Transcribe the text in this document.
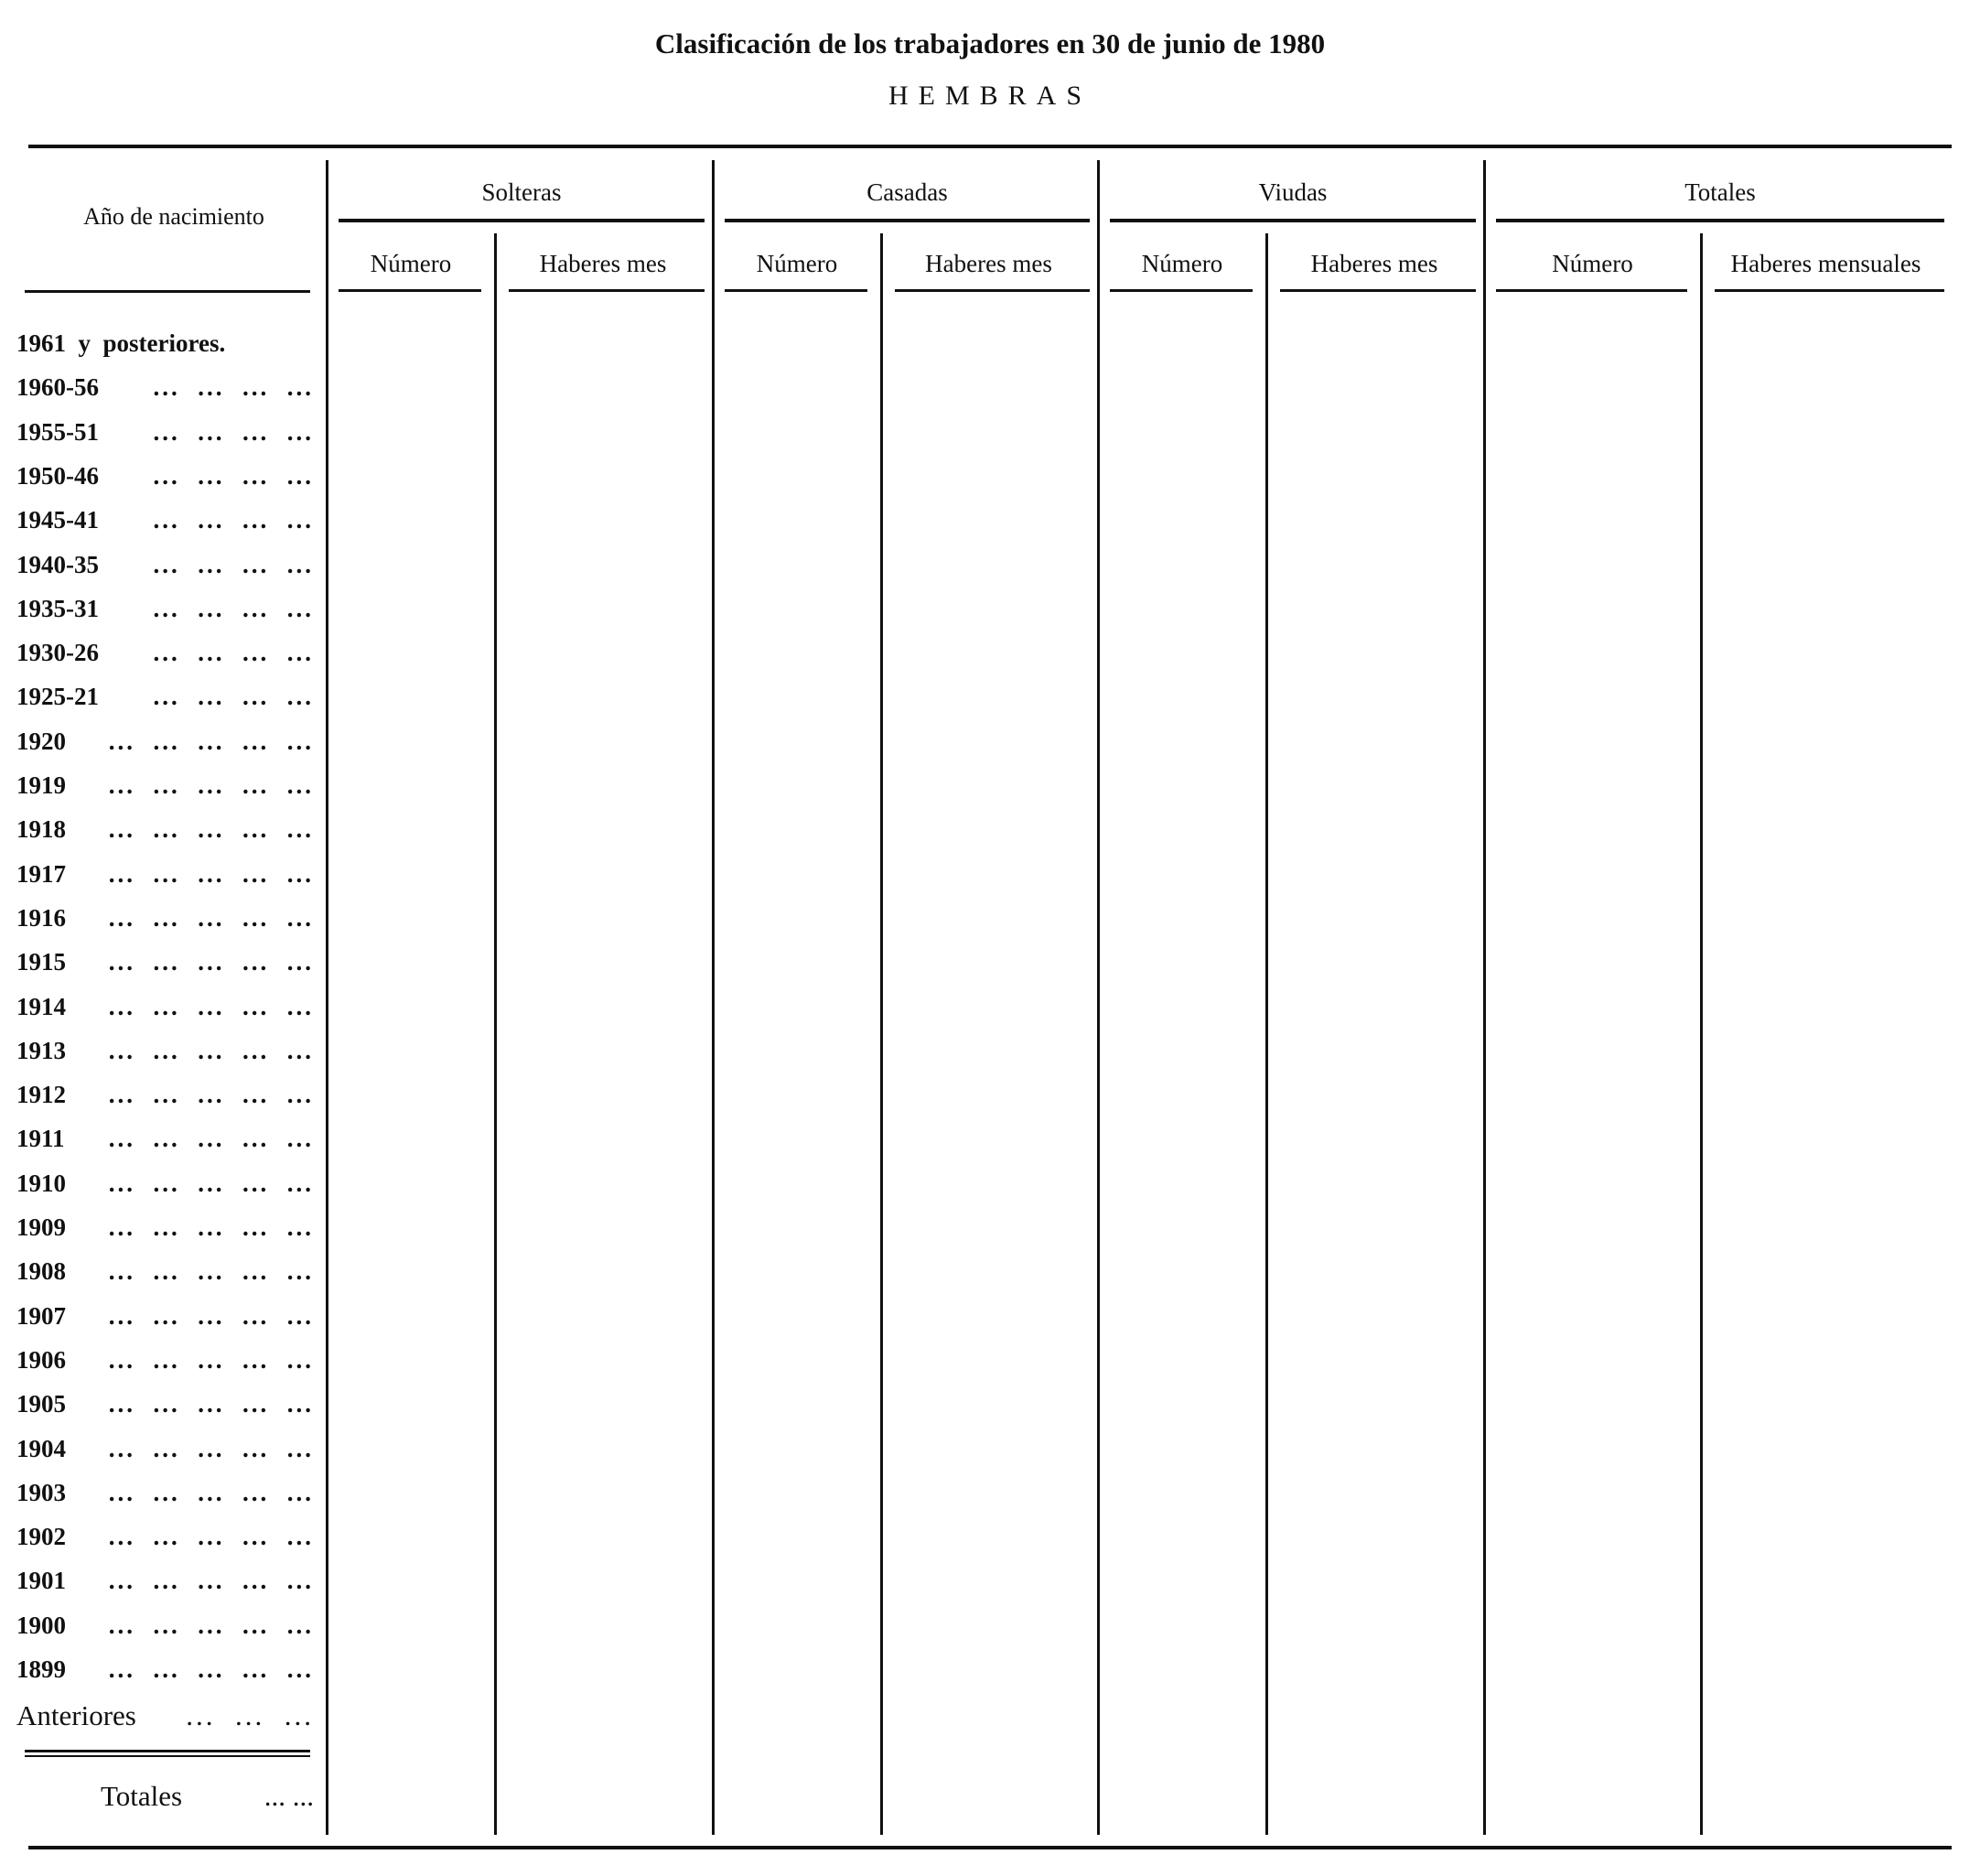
Clasificación de los trabajadores en 30 de junio de 1980
HEMBRAS
Año de nacimiento
Solteras
Número	Haberes mes
Casadas
Número	Haberes mes
Viudas
Número	Haberes mes
Totales
Número	Haberes mensuales
1961  y  posteriores.
1960-56 ...  ...  ...  ...
1955-51 ...  ...  ...  ...
1950-46 ...  ...  ...  ...
1945-41 ...  ...  ...  ...
1940-35 ...  ...  ...  ...
1935-31 ...  ...  ...  ...
1930-26 ...  ...  ...  ...
1925-21 ...  ...  ...  ...
1920 ...  ...  ...  ...  ...
1919 ...  ...  ...  ...  ...
1918 ...  ...  ...  ...  ...
1917 ...  ...  ...  ...  ...
1916 ...  ...  ...  ...  ...
1915 ...  ...  ...  ...  ...
1914 ...  ...  ...  ...  ...
1913 ...  ...  ...  ...  ...
1912 ...  ...  ...  ...  ...
1911 ...  ...  ...  ...  ...
1910 ...  ...  ...  ...  ...
1909 ...  ...  ...  ...  ...
1908 ...  ...  ...  ...  ...
1907 ...  ...  ...  ...  ...
1906 ...  ...  ...  ...  ...
1905 ...  ...  ...  ...  ...
1904 ...  ...  ...  ...  ...
1903 ...  ...  ...  ...  ...
1902 ...  ...  ...  ...  ...
1901 ...  ...  ...  ...  ...
1900 ...  ...  ...  ...  ...
1899 ...  ...  ...  ...  ...
Anteriores ...  ...  ...
Totales	... ...
